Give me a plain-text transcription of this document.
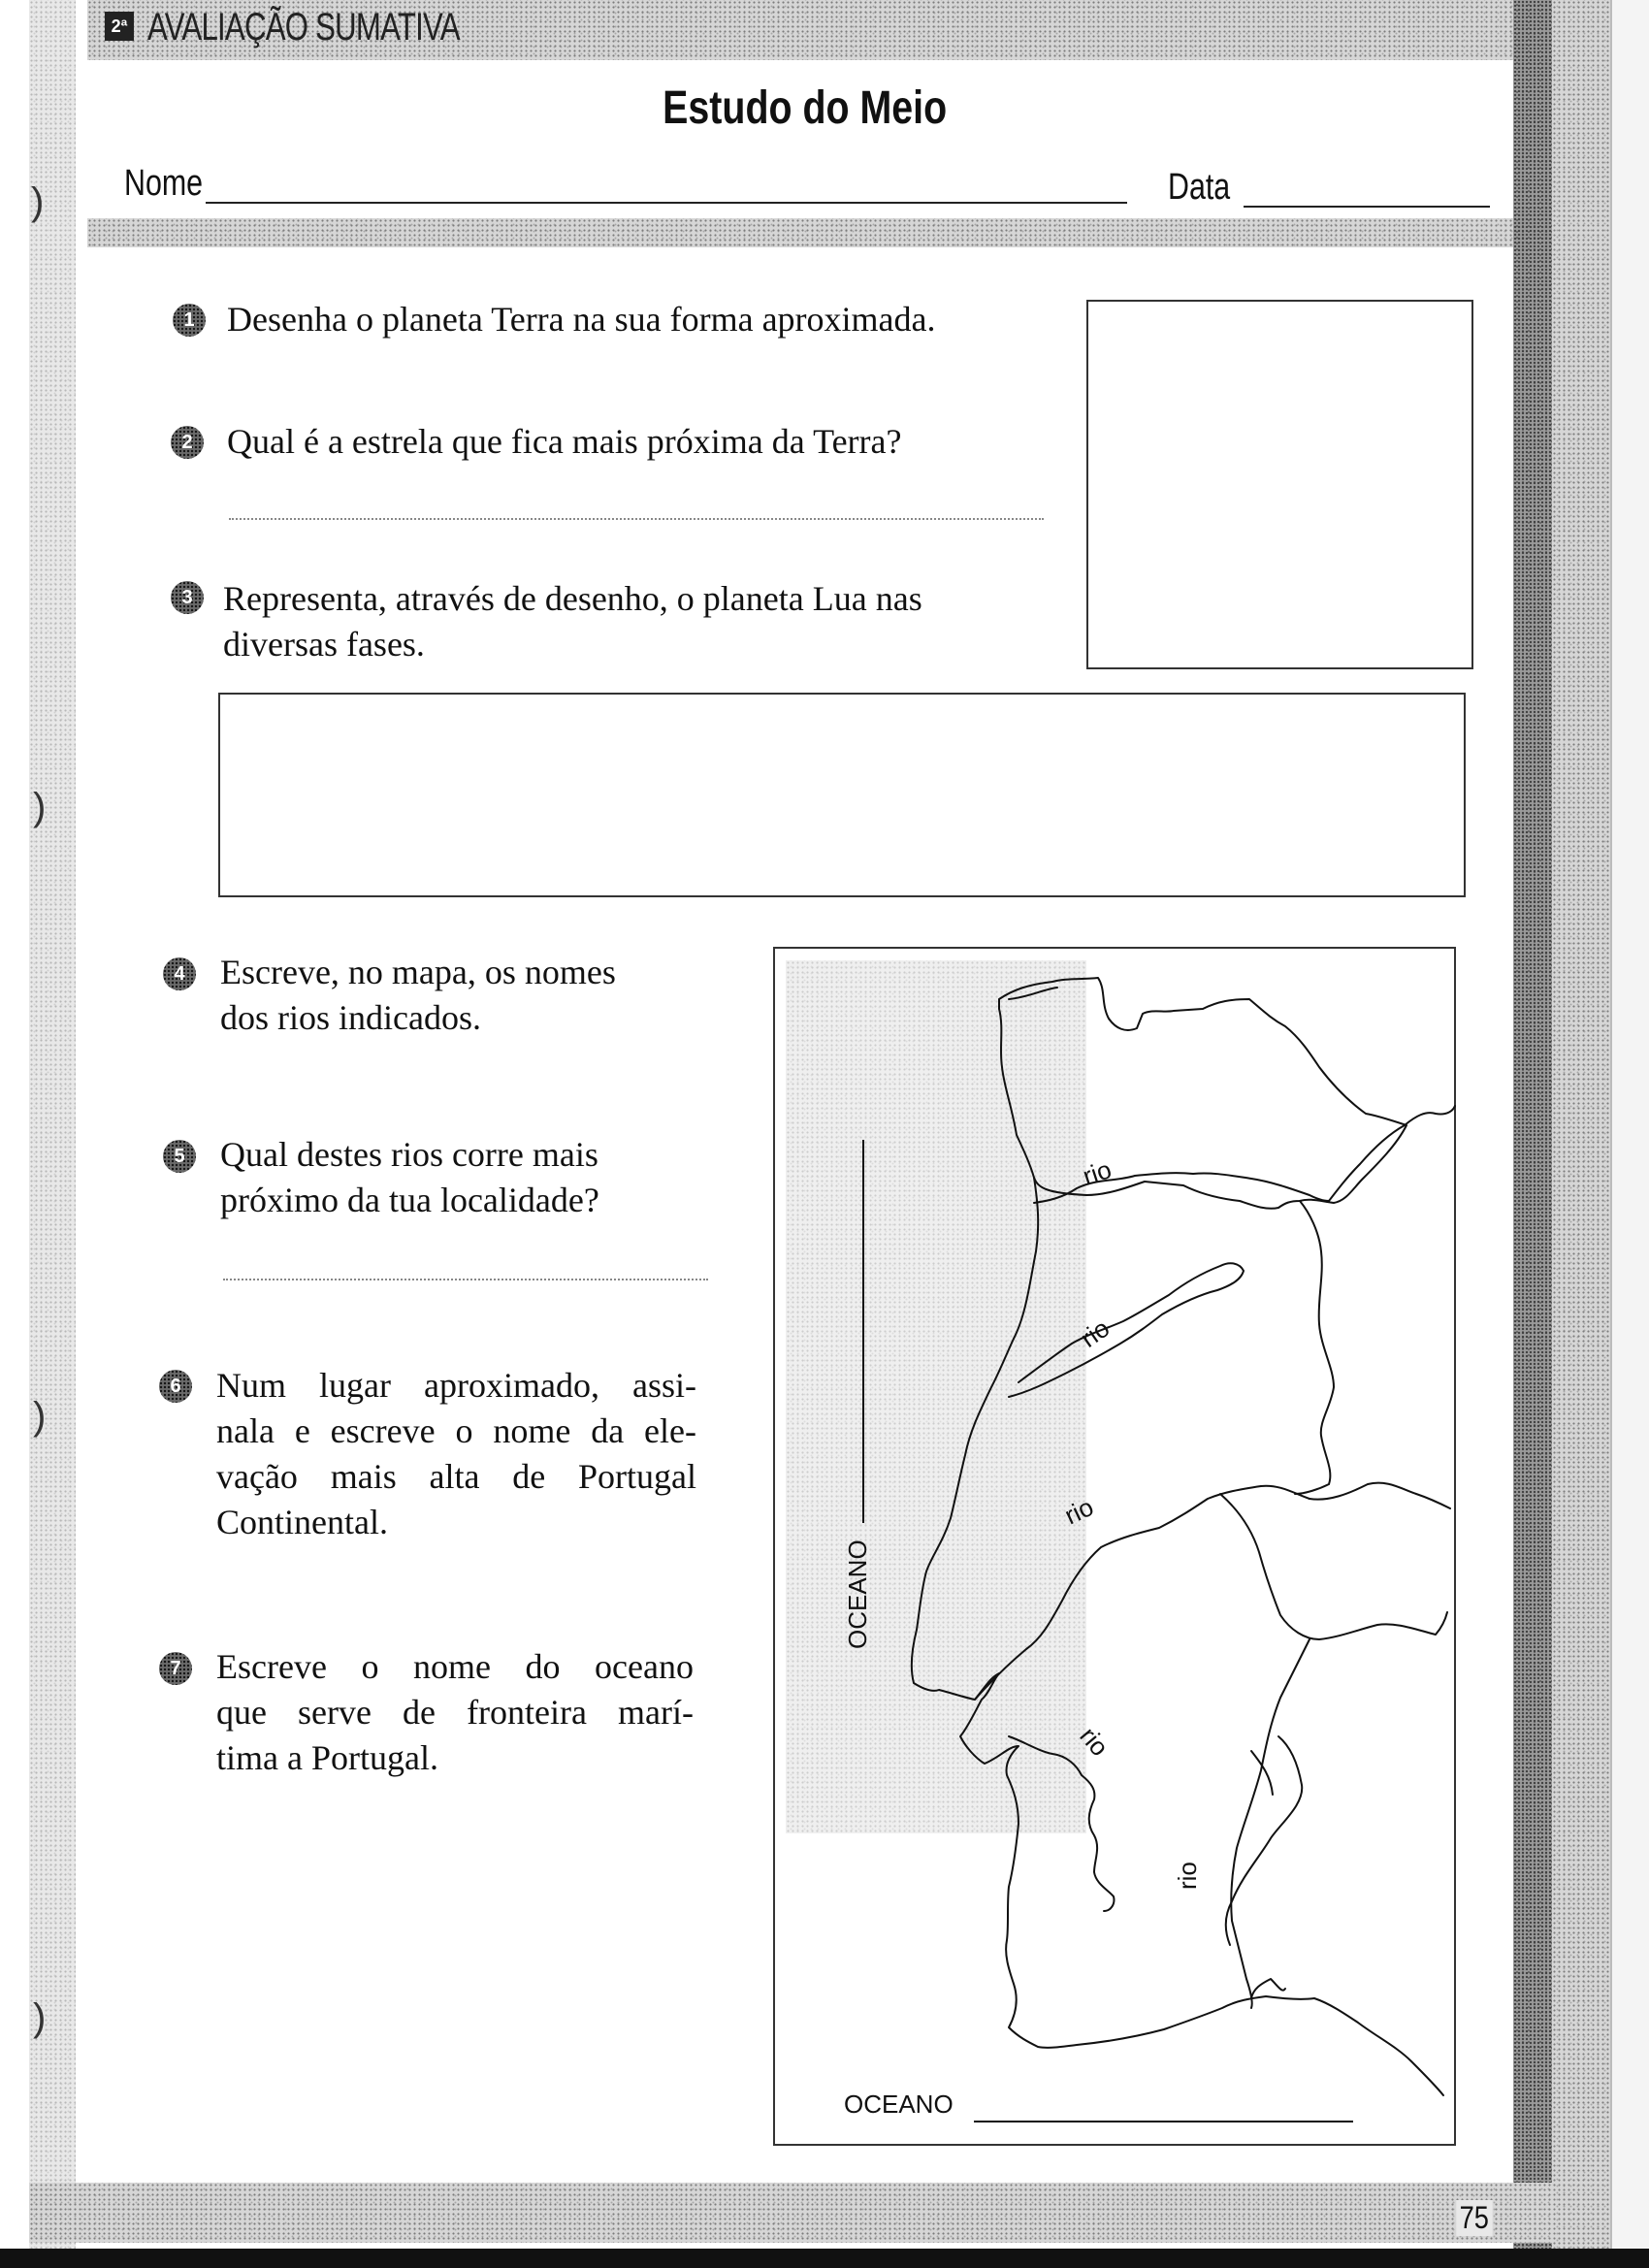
)
)
)
)
2ª AVALIAÇÃO SUMATIVA
Estudo do Meio
Nome	Data
1 Desenha o planeta Terra na sua forma aproximada.
2 Qual é a estrela que fica mais próxima da Terra?
3 Representa, através de desenho, o planeta Lua nas
diversas fases.
4	Escreve, no mapa, os nomes
dos rios indicados.
5	Qual destes rios corre mais
próximo da tua localidade?
6	Num lugar aproximado, assi-
nala e escreve o nome da ele-
vação mais alta de Portugal
Continental.
7	Escreve o nome do oceano
que serve de fronteira marí-
tima a Portugal.
rio
rio
rio
rio
rio
OCEANO
OCEANO
75
